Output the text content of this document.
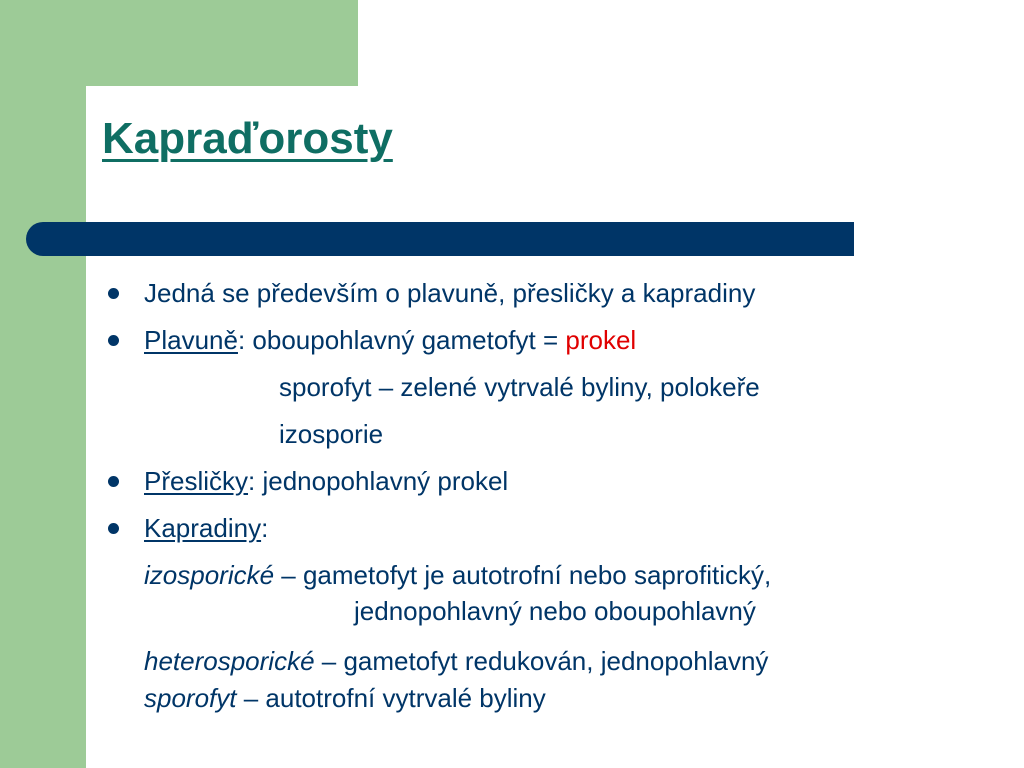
Kapraďorosty
Jedná se především o plavuně, přesličky a kapradiny
Plavuně: oboupohlavný gametofyt = prokel
sporofyt – zelené vytrvalé byliny, polokeře
izosporie
Přesličky: jednopohlavný prokel
Kapradiny:
izosporické – gametofyt je autotrofní nebo saprofitický,
jednopohlavný nebo oboupohlavný
heterosporické – gametofyt redukován, jednopohlavný
sporofyt – autotrofní vytrvalé byliny
